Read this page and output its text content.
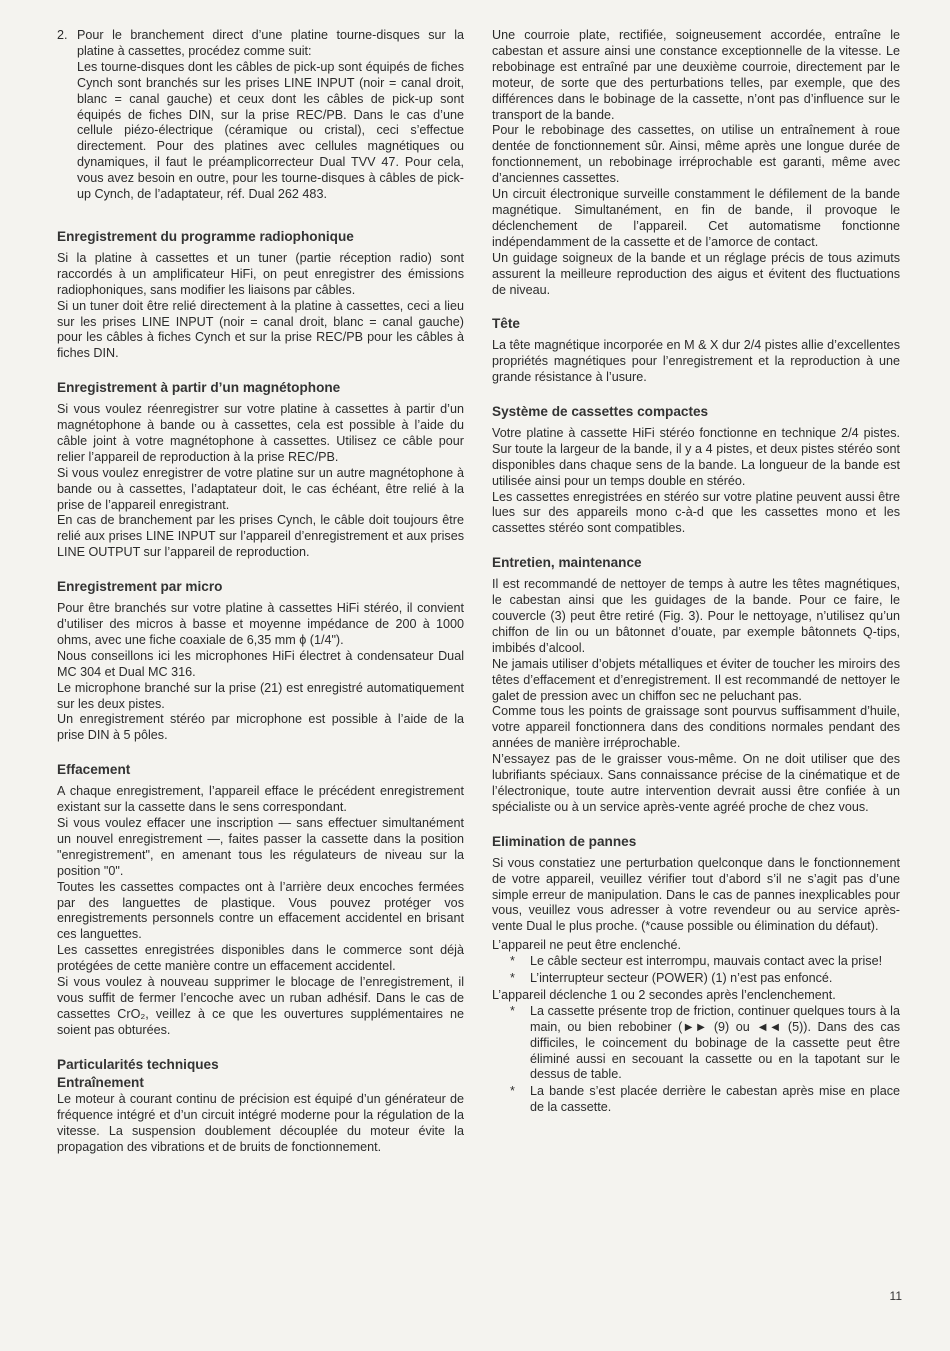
2. Pour le branchement direct d’une platine tourne-disques sur la platine à cassettes, procédez comme suit:

Les tourne-disques dont les câbles de pick-up sont équipés de fiches Cynch sont branchés sur les prises LINE INPUT (noir = canal droit, blanc = canal gauche) et ceux dont les câbles de pick-up sont équipés de fiches DIN, sur la prise REC/PB. Dans le cas d’une cellule piézo-électrique (céramique ou cristal), ceci s’effectue directement. Pour des platines avec cellules magnétiques ou dynamiques, il faut le préamplicorrecteur Dual TVV 47. Pour cela, vous avez besoin en outre, pour les tourne-disques à câbles de pick-up Cynch, de l’adaptateur, réf. Dual 262 483.

Enregistrement du programme radiophonique

Si la platine à cassettes et un tuner (partie réception radio) sont raccordés à un amplificateur HiFi, on peut enregistrer des émissions radiophoniques, sans modifier les liaisons par câbles.

Si un tuner doit être relié directement à la platine à cassettes, ceci a lieu sur les prises LINE INPUT (noir = canal droit, blanc = canal gauche) pour les câbles à fiches Cynch et sur la prise REC/PB pour les câbles à fiches DIN.

Enregistrement à partir d’un magnétophone

Si vous voulez réenregistrer sur votre platine à cassettes à partir d’un magnétophone à bande ou à cassettes, cela est possible à l’aide du câble joint à votre magnétophone à cassettes. Utilisez ce câble pour relier l’appareil de reproduction à la prise REC/PB.

Si vous voulez enregistrer de votre platine sur un autre magnétophone à bande ou à cassettes, l’adaptateur doit, le cas échéant, être relié à la prise de l’appareil enregistrant.

En cas de branchement par les prises Cynch, le câble doit toujours être relié aux prises LINE INPUT sur l’appareil d’enregistrement et aux prises LINE OUTPUT sur l’appareil de reproduction.

Enregistrement par micro

Pour être branchés sur votre platine à cassettes HiFi stéréo, il convient d’utiliser des micros à basse et moyenne impédance de 200 à 1000 ohms, avec une fiche coaxiale de 6,35 mm ϕ (1/4").

Nous conseillons ici les microphones HiFi électret à condensateur Dual MC 304 et Dual MC 316.

Le microphone branché sur la prise (21) est enregistré automatiquement sur les deux pistes.

Un enregistrement stéréo par microphone est possible à l’aide de la prise DIN à 5 pôles.

Effacement

A chaque enregistrement, l’appareil efface le précédent enregistrement existant sur la cassette dans le sens correspondant.

Si vous voulez effacer une inscription — sans effectuer simultanément un nouvel enregistrement —, faites passer la cassette dans la position "enregistrement", en amenant tous les régulateurs de niveau sur la position "0".

Toutes les cassettes compactes ont à l’arrière deux encoches fermées par des languettes de plastique. Vous pouvez protéger vos enregistrements personnels contre un effacement accidentel en brisant ces languettes.

Les cassettes enregistrées disponibles dans le commerce sont déjà protégées de cette manière contre un effacement accidentel.

Si vous voulez à nouveau supprimer le blocage de l’enregistrement, il vous suffit de fermer l’encoche avec un ruban adhésif. Dans le cas de cassettes CrO₂, veillez à ce que les ouvertures supplémentaires ne soient pas obturées.

Particularités techniques
Entraînement

Le moteur à courant continu de précision est équipé d’un générateur de fréquence intégré et d’un circuit intégré moderne pour la régulation de la vitesse. La suspension doublement découplée du moteur évite la propagation des vibrations et de bruits de fonctionnement.

Une courroie plate, rectifiée, soigneusement accordée, entraîne le cabestan et assure ainsi une constance exceptionnelle de la vitesse. Le rebobinage est entraîné par une deuxième courroie, directement par le moteur, de sorte que des perturbations telles, par exemple, que des différences dans le bobinage de la cassette, n’ont pas d’influence sur le transport de la bande.

Pour le rebobinage des cassettes, on utilise un entraînement à roue dentée de fonctionnement sûr. Ainsi, même après une longue durée de fonctionnement, un rebobinage irréprochable est garanti, même avec d’anciennes cassettes.

Un circuit électronique surveille constamment le défilement de la bande magnétique. Simultanément, en fin de bande, il provoque le déclenchement de l’appareil. Cet automatisme fonctionne indépendamment de la cassette et de l’amorce de contact.

Un guidage soigneux de la bande et un réglage précis de tous azimuts assurent la meilleure reproduction des aigus et évitent des fluctuations de niveau.

Tête

La tête magnétique incorporée en M & X dur 2/4 pistes allie d’excellentes propriétés magnétiques pour l’enregistrement et la reproduction à une grande résistance à l’usure.

Système de cassettes compactes

Votre platine à cassette HiFi stéréo fonctionne en technique 2/4 pistes. Sur toute la largeur de la bande, il y a 4 pistes, et deux pistes stéréo sont disponibles dans chaque sens de la bande. La longueur de la bande est utilisée ainsi pour un temps double en stéréo.

Les cassettes enregistrées en stéréo sur votre platine peuvent aussi être lues sur des appareils mono c-à-d que les cassettes mono et les cassettes stéréo sont compatibles.

Entretien, maintenance

Il est recommandé de nettoyer de temps à autre les têtes magnétiques, le cabestan ainsi que les guidages de la bande. Pour ce faire, le couvercle (3) peut être retiré (Fig. 3). Pour le nettoyage, n’utilisez qu’un chiffon de lin ou un bâtonnet d’ouate, par exemple bâtonnets Q-tips, imbibés d’alcool.

Ne jamais utiliser d’objets métalliques et éviter de toucher les miroirs des têtes d’effacement et d’enregistrement. Il est recommandé de nettoyer le galet de pression avec un chiffon sec ne peluchant pas.

Comme tous les points de graissage sont pourvus suffisamment d’huile, votre appareil fonctionnera dans des conditions normales pendant des années de manière irréprochable.

N’essayez pas de le graisser vous-même. On ne doit utiliser que des lubrifiants spéciaux. Sans connaissance précise de la cinématique et de l’électronique, toute autre intervention devrait aussi être confiée à un spécialiste ou à un service après-vente agréé proche de chez vous.

Elimination de pannes

Si vous constatiez une perturbation quelconque dans le fonctionnement de votre appareil, veuillez vérifier tout d’abord s’il ne s’agit pas d’une simple erreur de manipulation. Dans le cas de pannes inexplicables pour vous, veuillez vous adresser à votre revendeur ou au service après-vente Dual le plus proche. (*cause possible ou élimination du défaut).

L’appareil ne peut être enclenché.

* Le câble secteur est interrompu, mauvais contact avec la prise!
* L’interrupteur secteur (POWER) (1) n’est pas enfoncé.

L’appareil déclenche 1 ou 2 secondes après l’enclenchement.

* La cassette présente trop de friction, continuer quelques tours à la main, ou bien rebobiner (►► (9) ou ◄◄ (5)). Dans des cas difficiles, le coincement du bobinage de la cassette peut être éliminé aussi en secouant la cassette ou en la tapotant sur le dessus de table.
* La bande s’est placée derrière le cabestan après mise en place de la cassette.
11
